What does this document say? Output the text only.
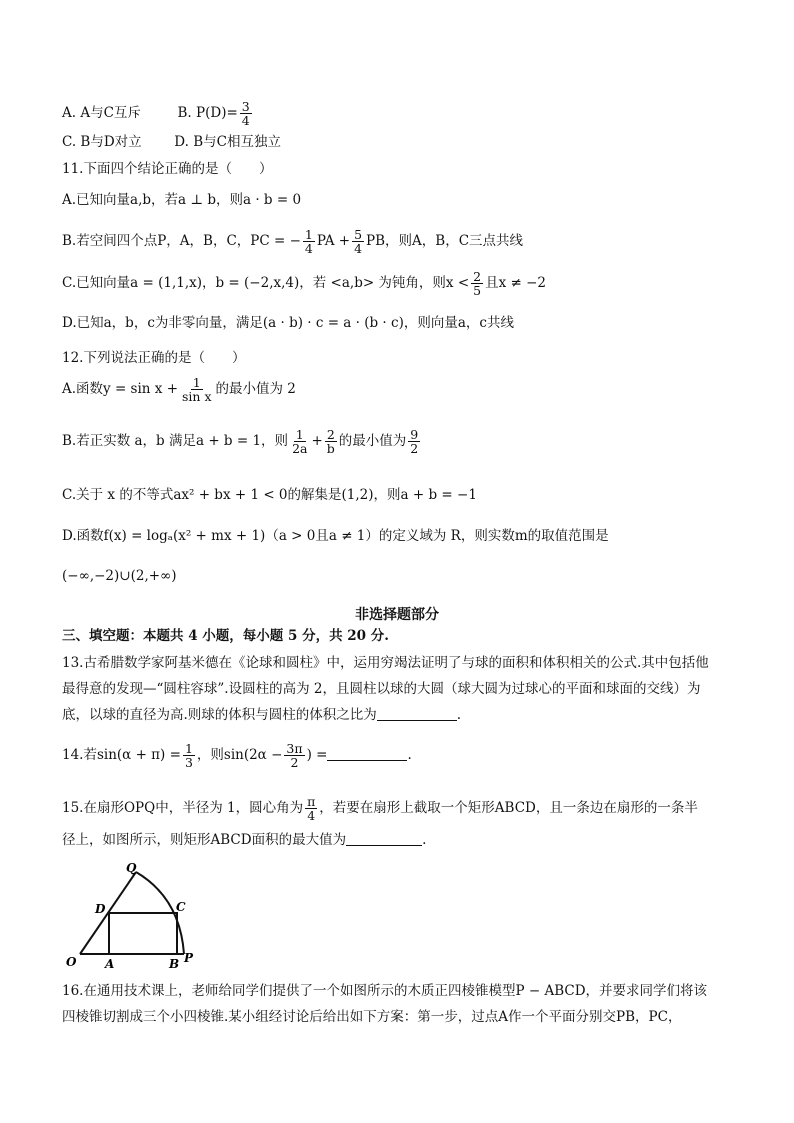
A. A与C互斥	B. $P(D)= \frac{3}{4}$
C. B与D对立 D. B与C相互独立
11.下面四个结论正确的是（　　）
A.已知向量a,b，若a ⊥ b，则a · b = 0
B.若空间四个点P，A，B，C，PC = − $\frac{1}{4}$ PA + $\frac{5}{4}$ PB，则A，B，C三点共线
C.已知向量a = (1,1,x)，b = (−2,x,4)，若 <a,b> 为钝角，则$x < \frac{2}{5}$ 且x ≠ −2
D.已知a，b，c为非零向量，满足(a · b) · c = a · (b · c)，则向量a，c共线
12.下列说法正确的是（　　）
A.函数$y = \sin x + \frac{1}{\text{sin x}}$ 的最小值为 2
B.若正实数 a，b 满足a + b = 1，则 $\frac{1}{2a} + \frac{2}{b}$ 的最小值为 $\frac{9}{2}$
C.关于 x 的不等式ax² + bx + 1 < 0的解集是(1,2)，则a + b = −1
D.函数f(x) = logₐ(x² + mx + 1)（a > 0且a ≠ 1）的定义域为 R，则实数m的取值范围是
(−∞,−2)∪(2,+∞)
非选择题部分
三、填空题：本题共 4 小题，每小题 5 分，共 20 分.
13.古希腊数学家阿基米德在《论球和圆柱》中，运用穷竭法证明了与球的面积和体积相关的公式.其中包括他
最得意的发现—“圆柱容球”.设圆柱的高为 2，且圆柱以球的大圆（球大圆为过球心的平面和球面的交线）为
底，以球的直径为高.则球的体积与圆柱的体积之比为	.
14.若$\sin(\alpha + \pi) = \frac{1}{3}$ ，则$\sin(2\alpha - \frac{3\pi}{2}$ ) =	.
15.在扇形OPQ中，半径为 1，圆心角为 $\frac{\pi}{4}$ ，若要在扇形上截取一个矩形ABCD，且一条边在扇形的一条半
径上，如图所示，则矩形ABCD面积的最大值为	.
O A	B P
C
D
Q
16.在通用技术课上，老师给同学们提供了一个如图所示的木质正四棱锥模型P − ABCD，并要求同学们将该
四棱锥切割成三个小四棱锥.某小组经讨论后给出如下方案：第一步，过点A作一个平面分别交PB，PC，
